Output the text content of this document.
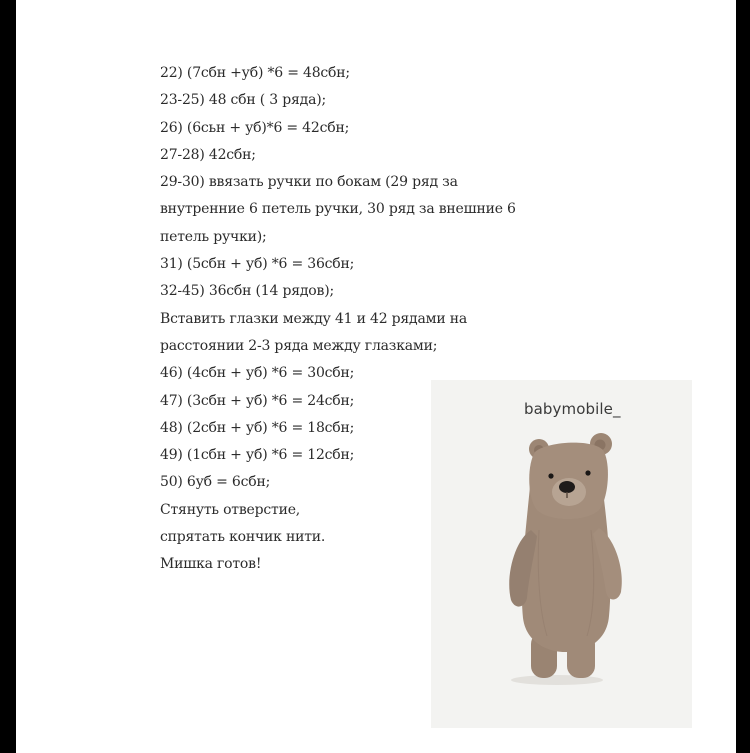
22) (7сбн +уб) *6 = 48сбн;
23-25) 48 сбн ( 3 ряда);
26) (6сьн + уб)*6 = 42сбн;
27-28) 42сбн;
29-30) ввязать ручки по бокам (29 ряд за
внутренние 6 петель ручки, 30 ряд за внешние 6
петель ручки);
31) (5сбн + уб) *6 = 36сбн;
32-45) 36сбн (14 рядов);
Вставить глазки между 41 и 42 рядами на
расстоянии 2-3 ряда между глазками;
46) (4сбн + уб) *6 = 30сбн;
47) (3сбн + уб) *6 = 24сбн;
48) (2сбн + уб) *6 = 18сбн;
49) (1сбн + уб) *6 = 12сбн;
50) 6уб = 6сбн;
Стянуть отверстие,
спрятать кончик нити.
Мишка готов!
babymobile_
